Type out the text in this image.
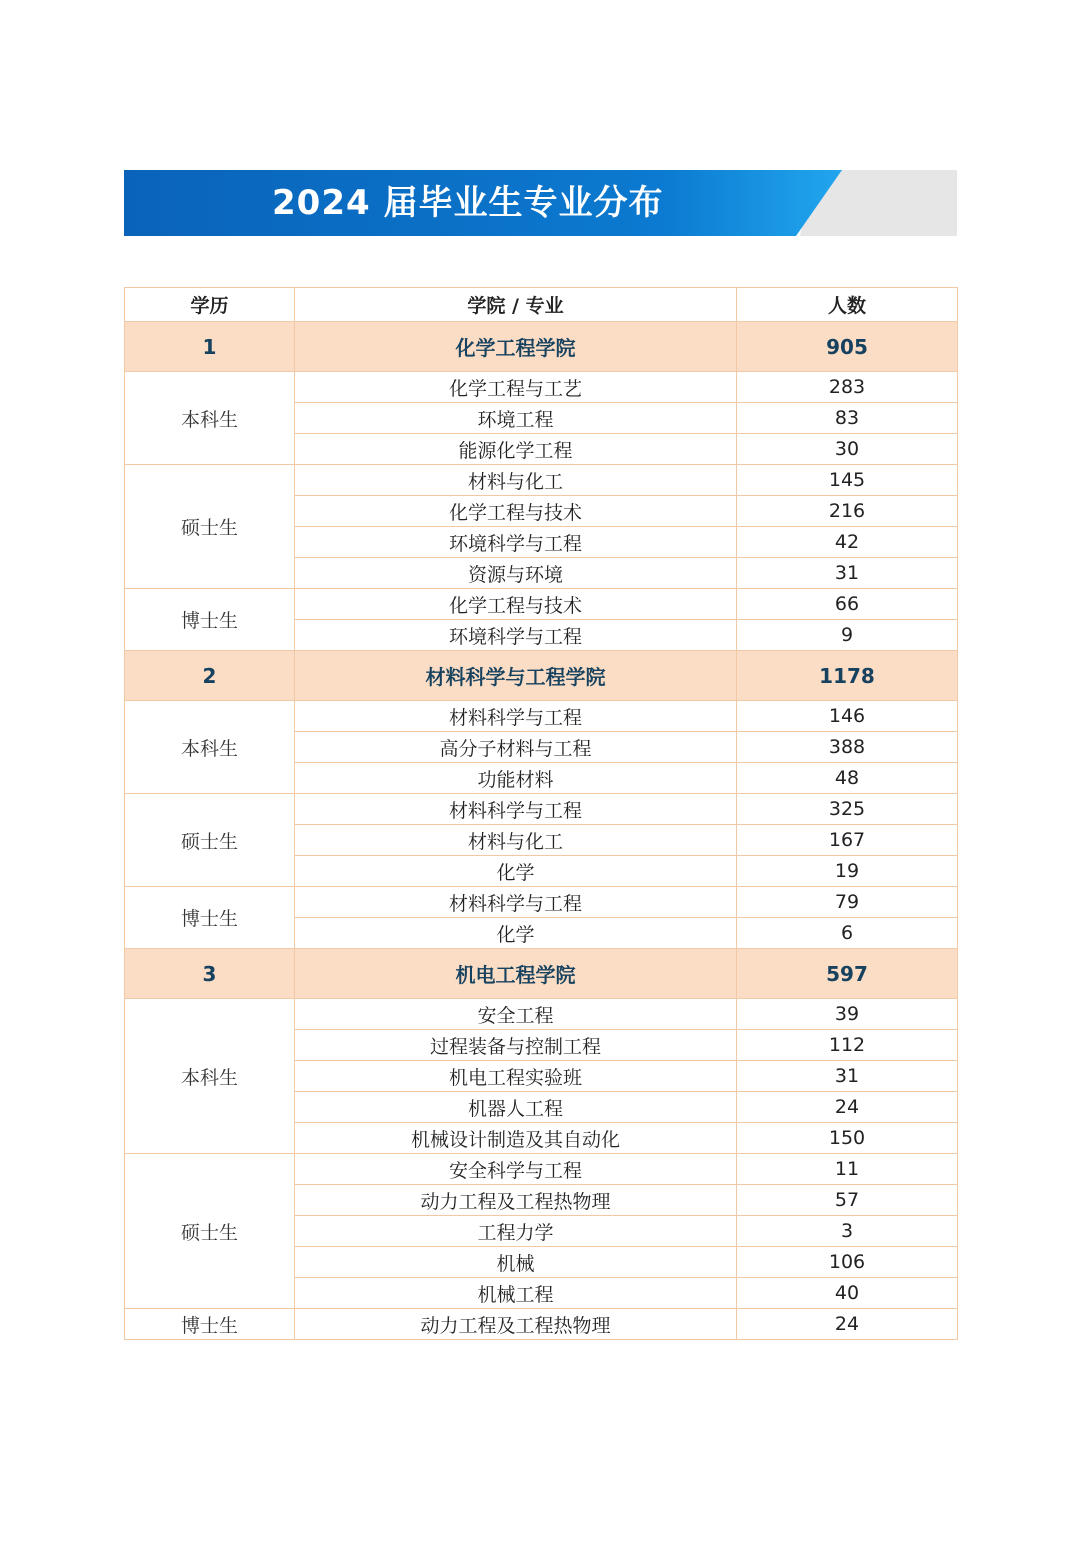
2024 届毕业生专业分布
学历	学院 / 专业	人数
1	化学工程学院	905
本科生	化学工程与工艺	283
	环境工程	83
	能源化学工程	30
硕士生	材料与化工	145
	化学工程与技术	216
	环境科学与工程	42
	资源与环境	31
博士生	化学工程与技术	66
	环境科学与工程	9
2	材料科学与工程学院	1178
本科生	材料科学与工程	146
	高分子材料与工程	388
	功能材料	48
硕士生	材料科学与工程	325
	材料与化工	167
	化学	19
博士生	材料科学与工程	79
	化学	6
3	机电工程学院	597
本科生	安全工程	39
	过程装备与控制工程	112
	机电工程实验班	31
	机器人工程	24
	机械设计制造及其自动化	150
硕士生	安全科学与工程	11
	动力工程及工程热物理	57
	工程力学	3
	机械	106
	机械工程	40
博士生	动力工程及工程热物理	24
